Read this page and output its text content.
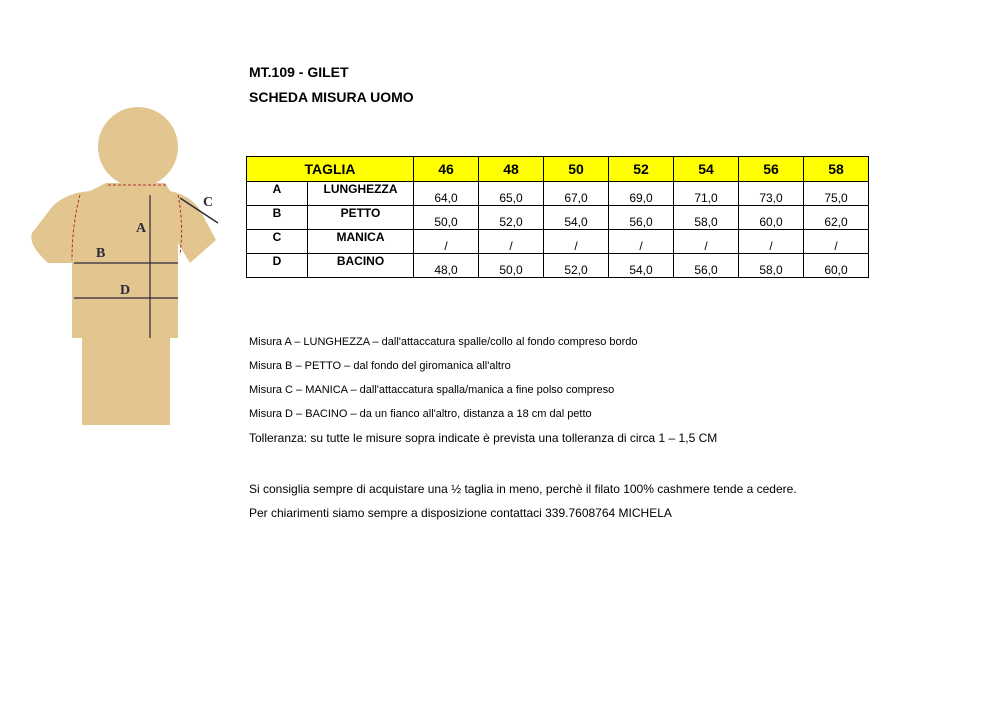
A
B
C
D
MT.109 - GILET
SCHEDA MISURA UOMO
TAGLIA		46	48	50	52	54	56	58
A	LUNGHEZZA	64,0	65,0	67,0	69,0	71,0	73,0	75,0
B	PETTO	50,0	52,0	54,0	56,0	58,0	60,0	62,0
C	MANICA	/	/	/	/	/	/	/
D	BACINO	48,0	50,0	52,0	54,0	56,0	58,0	60,0

Misura A – LUNGHEZZA – dall'attaccatura spalle/collo al fondo compreso bordo

Misura B – PETTO – dal fondo del giromanica all'altro

Misura C – MANICA – dall'attaccatura spalla/manica a fine polso compreso

Misura D – BACINO – da un fianco all'altro, distanza a 18 cm dal petto

Tolleranza: su tutte le misure sopra indicate è prevista una tolleranza di circa 1 – 1,5 CM

Si consiglia sempre di acquistare una ½ taglia in meno, perchè il filato 100% cashmere tende a cedere.

Per chiarimenti siamo sempre a disposizione contattaci 339.7608764 MICHELA
